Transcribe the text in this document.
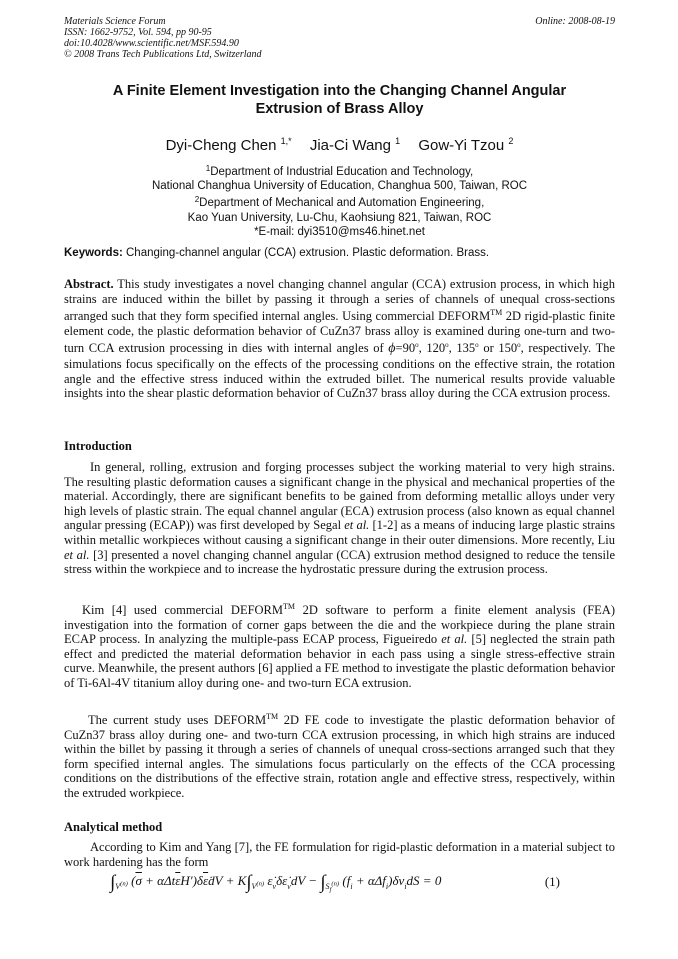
Materials Science Forum
ISSN: 1662-9752, Vol. 594, pp 90-95
doi:10.4028/www.scientific.net/MSF.594.90
© 2008 Trans Tech Publications Ltd, Switzerland
Online: 2008-08-19
A Finite Element Investigation into the Changing Channel Angular
Extrusion of Brass Alloy
Dyi-Cheng Chen $^{1,*}$ Jia-Ci Wang $^1$ Gow-Yi Tzou $^2$
$^1$Department of Industrial Education and Technology,
National Changhua University of Education, Changhua 500, Taiwan, ROC
$^2$Department of Mechanical and Automation Engineering,
Kao Yuan University, Lu-Chu, Kaohsiung 821, Taiwan, ROC
*E-mail: dyi3510@ms46.hinet.net
Keywords: Changing-channel angular (CCA) extrusion. Plastic deformation. Brass.
Abstract. This study investigates a novel changing channel angular (CCA) extrusion process, in which high strains are induced within the billet by passing it through a series of channels of unequal cross-sections arranged such that they form specified internal angles. Using commercial DEFORM™ 2D rigid-plastic finite element code, the plastic deformation behavior of CuZn37 brass alloy is examined during one-turn and two-turn CCA extrusion processing in dies with internal angles of $\phi=90^o$, 120$^o$, 135$^o$ or 150$^o$, respectively. The simulations focus specifically on the effects of the processing conditions on the effective strain, the rotation angle and the effective stress induced within the extruded billet. The numerical results provide valuable insights into the shear plastic deformation behavior of CuZn37 brass alloy during the CCA extrusion process.
Introduction
In general, rolling, extrusion and forging processes subject the working material to very high strains. The resulting plastic deformation causes a significant change in the physical and mechanical properties of the material. Accordingly, there are significant benefits to be gained from deforming metallic alloys under very high levels of plastic strain. The equal channel angular (ECA) extrusion process (also known as equal channel angular pressing (ECAP)) was first developed by Segal et al. [1-2] as a means of inducing large plastic strains within metallic workpieces without causing a significant change in their outer dimensions. More recently, Liu et al. [3] presented a novel changing channel angular (CCA) extrusion method designed to reduce the tensile stress within the workpiece and to increase the hydrostatic pressure during the extrusion process.
Kim [4] used commercial DEFORM™ 2D software to perform a finite element analysis (FEA) investigation into the formation of corner gaps between the die and the workpiece during the plane strain ECAP process. In analyzing the multiple-pass ECAP process, Figueiredo et al. [5] neglected the strain path effect and predicted the material deformation behavior in each pass using a single stress-effective strain curve. Meanwhile, the present authors [6] applied a FE method to investigate the plastic deformation behavior of Ti-6Al-4V titanium alloy during one- and two-turn ECA extrusion.
The current study uses DEFORM™ 2D FE code to investigate the plastic deformation behavior of CuZn37 brass alloy during one- and two-turn CCA extrusion processing, in which high strains are induced within the billet by passing it through a series of channels of unequal cross-sections arranged such that they form specified internal angles. The simulations focus particularly on the effects of the CCA processing conditions on the distributions of the effective strain, rotation angle and effective stress, respectively, within the extruded workpiece.
Analytical method
According to Kim and Yang [7], the FE formulation for rigid-plastic deformation in a material subject to work hardening has the form
$\int_{V^{(n)}}$ ($\overline{\sigma}$ + αΔtε̇H′)δε̇dV + $K\int_{V^{(n)}}$ $\varepsiloṅ_v\delta\varepsiloṅ_vdV - \int_{S_f^{(n)}}$ $(f_i + \alpha\Delta f_i)\delta v_idS = 0$	(1)
